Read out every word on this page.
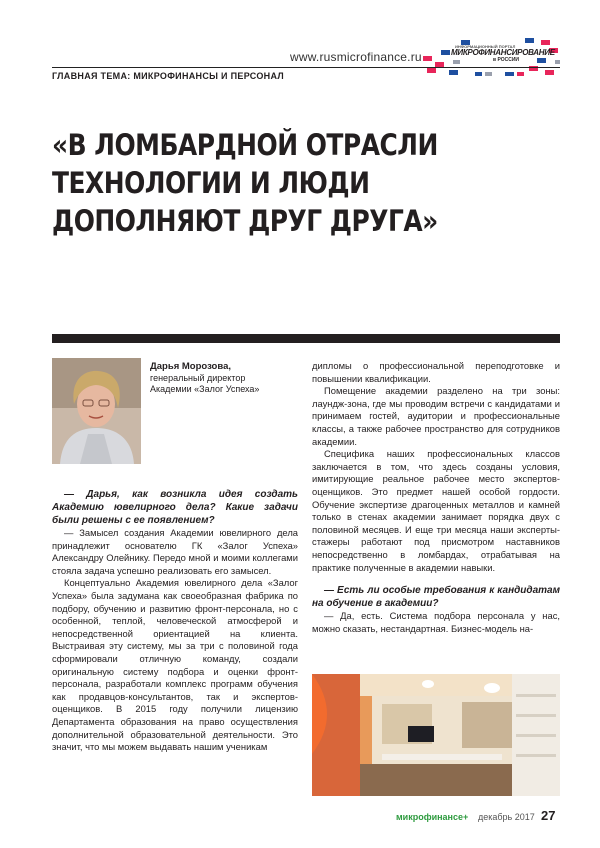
www.rusmicrofinance.ru
ИНФОРМАЦИОННЫЙ ПОРТАЛ
МИКРОФИНАНСИРОВАНИЕ
в РОССИИ
ГЛАВНАЯ ТЕМА: МИКРОФИНАНСЫ И ПЕРСОНАЛ
«В ЛОМБАРДНОЙ ОТРАСЛИ
ТЕХНОЛОГИИ И ЛЮДИ
ДОПОЛНЯЮТ ДРУГ ДРУГА»
Дарья Морозова,
генеральный директор
Академии «Залог Успеха»

— Дарья, как возникла идея создать Академию ювелирного дела? Какие задачи были решены с ее появлением?

— Замысел создания Академии ювелирного дела принадлежит основателю ГК «Залог Успеха» Александру Олейнику. Передо мной и моими коллегами стояла задача успешно реализовать его замысел.

Концептуально Академия ювелирного дела «Залог Успеха» была задумана как своеобразная фабрика по подбору, обучению и развитию фронт-персонала, но с особенной, теплой, человеческой атмосферой и непосредственной ориентацией на клиента. Выстраивая эту систему, мы за три с половиной года сформировали отличную команду, создали оригинальную систему подбора и оценки фронт-персонала, разработали комплекс программ обучения как продавцов-консультантов, так и экспертов-оценщиков. В 2015 году получили лицензию Департамента образования на право осуществления дополнительной образовательной деятельности. Это значит, что мы можем выдавать нашим ученикам

дипломы о профессиональной переподготовке и повышении квалификации.

Помещение академии разделено на три зоны: лаундж-зона, где мы проводим встречи с кандидатами и принимаем гостей, аудитории и профессиональные классы, а также рабочее пространство для сотрудников академии.

Специфика наших профессиональных классов заключается в том, что здесь созданы условия, имитирующие реальное рабочее место экспертов-оценщиков. Это предмет нашей особой гордости. Обучение экспертизе драгоценных металлов и камней только в стенах академии занимает порядка двух с половиной месяцев. И еще три месяца наши эксперты-стажеры работают под присмотром наставников непосредственно в ломбардах, отрабатывая на практике полученные в академии навыки.

— Есть ли особые требования к кандидатам на обучение в академии?

— Да, есть. Система подбора персонала у нас, можно сказать, нестандартная. Бизнес-модель на-

микрофинансе+ декабрь 2017 27
